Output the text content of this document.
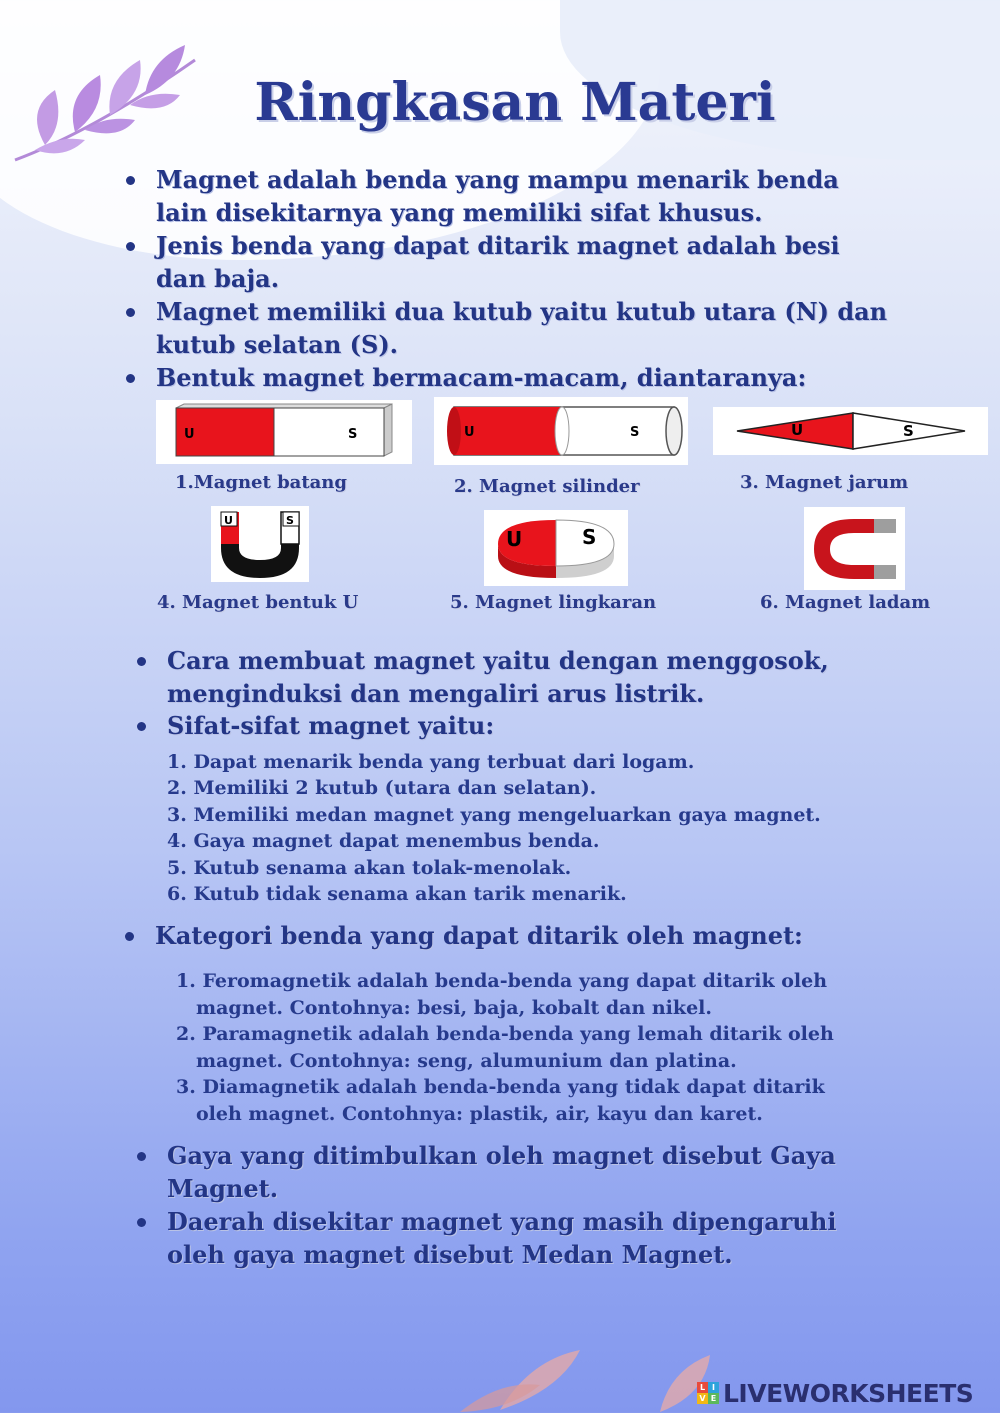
Ringkasan Materi
Magnet adalah benda yang mampu menarik benda lain disekitarnya yang memiliki sifat khusus.
Jenis benda yang dapat ditarik magnet adalah besi dan baja.
Magnet memiliki dua kutub yaitu kutub utara (N) dan kutub selatan (S).
Bentuk magnet bermacam-macam, diantaranya:
U	S	U	S	U	S
1.Magnet batang	2. Magnet silinder	3. Magnet jarum
U	S
U	S
4. Magnet bentuk U	5. Magnet lingkaran	6. Magnet ladam
Cara membuat magnet yaitu dengan menggosok, menginduksi dan mengaliri arus listrik.
Sifat-sifat magnet yaitu:
1. Dapat menarik benda yang terbuat dari logam.
2. Memiliki 2 kutub (utara dan selatan).
3. Memiliki medan magnet yang mengeluarkan gaya magnet.
4. Gaya magnet dapat menembus benda.
5. Kutub senama akan tolak-menolak.
6. Kutub tidak senama akan tarik menarik.
Kategori benda yang dapat ditarik oleh magnet:
1. Feromagnetik adalah benda-benda yang dapat ditarik oleh magnet. Contohnya: besi, baja, kobalt dan nikel.
2. Paramagnetik adalah benda-benda yang lemah ditarik oleh magnet. Contohnya: seng, alumunium dan platina.
3. Diamagnetik adalah benda-benda yang tidak dapat ditarik oleh magnet. Contohnya: plastik, air, kayu dan karet.
Gaya yang ditimbulkan oleh magnet disebut Gaya Magnet.
Daerah disekitar magnet yang masih dipengaruhi oleh gaya magnet disebut Medan Magnet.
L I
V E LIVEWORKSHEETS
